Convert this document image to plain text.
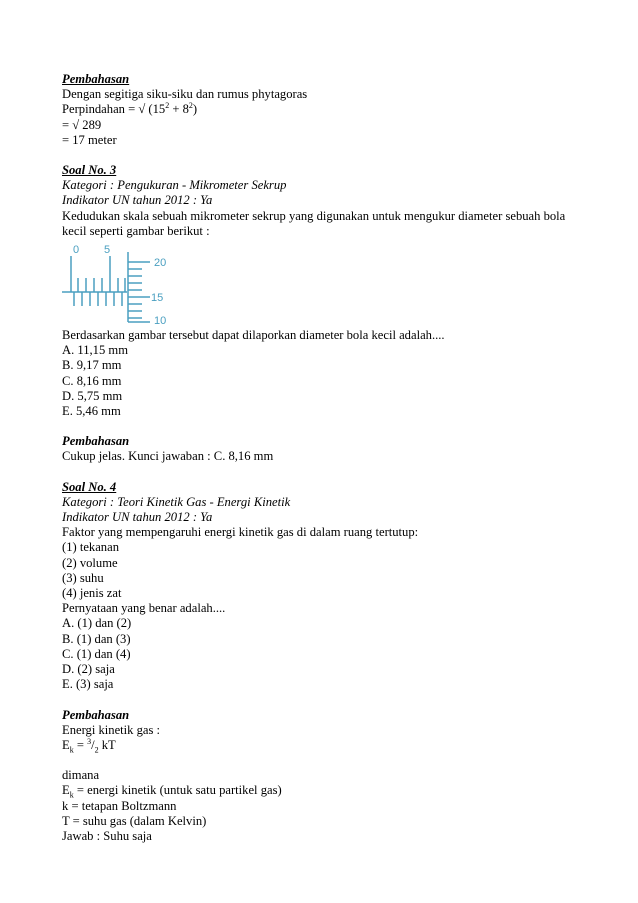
Pembahasan
Dengan segitiga siku-siku dan rumus phytagoras
Perpindahan = √ $(15^2 + 8^2)$
= √ 289
= 17 meter
Soal No. 3
Kategori : Pengukuran - Mikrometer Sekrup
Indikator UN tahun 2012 : Ya
Kedudukan skala sebuah mikrometer sekrup yang digunakan untuk mengukur diameter sebuah bola kecil seperti gambar berikut :
0 5
20
15
10
Berdasarkan gambar tersebut dapat dilaporkan diameter bola kecil adalah....
A. 11,15 mm
B. 9,17 mm
C. 8,16 mm
D. 5,75 mm
E. 5,46 mm
Pembahasan
Cukup jelas. Kunci jawaban : C. 8,16 mm
Soal No. 4
Kategori : Teori Kinetik Gas - Energi Kinetik
Indikator UN tahun 2012 : Ya
Faktor yang mempengaruhi energi kinetik gas di dalam ruang tertutup:
(1) tekanan
(2) volume
(3) suhu
(4) jenis zat
Pernyataan yang benar adalah....
A. (1) dan (2)
B. (1) dan (3)
C. (1) dan (4)
D. (2) saja
E. (3) saja
Pembahasan
Energi kinetik gas :
$E_k = ^3/_2$ kT
dimana
$E_k$ = energi kinetik (untuk satu partikel gas)
k = tetapan Boltzmann
T = suhu gas (dalam Kelvin)
Jawab : Suhu saja
